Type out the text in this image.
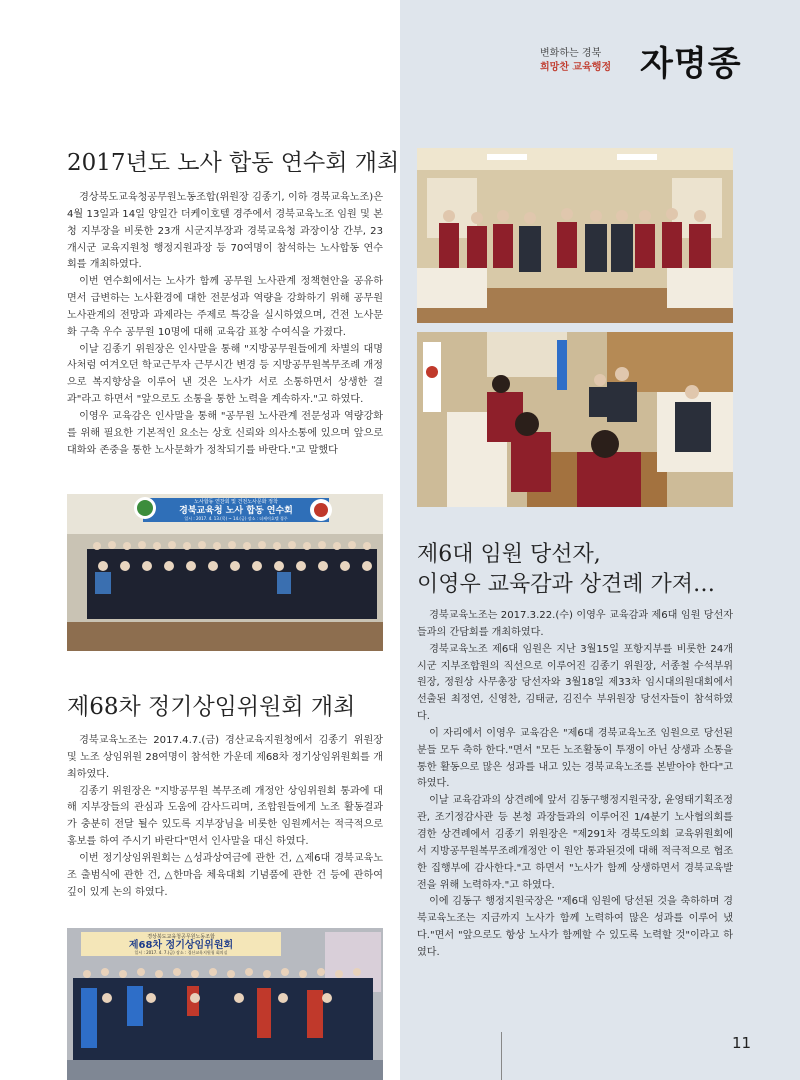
변화하는 경북
희망찬 교육행정 자명종
2017년도 노사 합동 연수회 개최

경상북도교육청공무원노동조합(위원장 김종기, 이하 경북교육노조)은 4월 13일과 14일 양일간 더케이호텔 경주에서 경북교육노조 임원 및 본청 지부장을 비롯한 23개 시군지부장과 경북교육청 과장이상 간부, 23개시군 교육지원청 행정지원과장 등 70여명이 참석하는 노사합동 연수회를 개최하였다.

이번 연수회에서는 노사가 함께 공무원 노사관계 정책현안을 공유하면서 급변하는 노사환경에 대한 전문성과 역량을 강화하기 위해 공무원 노사관계의 전망과 과제라는 주제로 특강을 실시하였으며, 건전 노사문화 구축 우수 공무원 10명에 대해 교육감 표창 수여식을 가졌다.

이날 김종기 위원장은 인사말을 통해 "지방공무원들에게 차별의 대명사처럼 여겨오던 학교근무자 근무시간 변경 등 지방공무원복무조례 개정으로 복지향상을 이루어 낸 것은 노사가 서로 소통하면서 상생한 결과"라고 하면서 "앞으로도 소통을 통한 노력을 계속하자."고 하였다.

이영우 교육감은 인사말을 통해 "공무원 노사관계 전문성과 역량강화를 위해 필요한 기본적인 요소는 상호 신뢰와 의사소통에 있으며 앞으로 대화와 존중을 통한 노사문화가 정착되기를 바란다."고 말했다

노사합동 연찬회 및 건전노사문화 정착
경북교육청 노사 합동 연수회
일시 : 2017. 4. 13.(목) ~ 14.(금) 장소 : 더케이호텔 경주
제68차 정기상임위원회 개최

경북교육노조는 2017.4.7.(금) 경산교육지원청에서 김종기 위원장 및 노조 상임위원 28여명이 참석한 가운데 제68차 정기상임위원회를 개최하였다.

김종기 위원장은 "지방공무원 복무조례 개정안 상임위원회 통과에 대해 지부장들의 관심과 도움에 감사드리며, 조합원들에게 노조 활동결과가 충분히 전달 될수 있도록 지부장님을 비롯한 임원께서는 적극적으로 홍보를 하여 주시기 바란다"면서 인사말을 대신 하였다.

이번 정기상임위원회는 △성과상여금에 관한 건, △제6대 경북교육노조 출범식에 관한 건, △한마음 체육대회 기념품에 관한 건 등에 관하여 깊이 있게 논의 하였다.

경상북도교육청공무원노동조합
제68차 정기상임위원회
일시 : 2017. 4. 7.(금) 장소 : 경산교육지원청 회의실
제6대 임원 당선자,
이영우 교육감과 상견례 가져…

경북교육노조는 2017.3.22.(수) 이영우 교육감과 제6대 임원 당선자들과의 간담회를 개최하였다.

경북교육노조 제6대 임원은 지난 3월15일 포항지부를 비롯한 24개 시군 지부조합원의 직선으로 이루어진 김종기 위원장, 서종철 수석부위원장, 정원상 사무총장 당선자와 3월18일 제33차 임시대의원대회에서 선출된 최정연, 신영찬, 김태균, 김진수 부위원장 당선자들이 참석하였다.

이 자리에서 이영우 교육감은 "제6대 경북교육노조 임원으로 당선된 분들 모두 축하 한다."면서 "모든 노조활동이 투쟁이 아닌 상생과 소통을 통한 활동으로 많은 성과를 내고 있는 경북교육노조를 본받아야 한다"고 하였다.

이날 교육감과의 상견례에 앞서 김동구행정지원국장, 윤영태기획조정관, 조기정감사관 등 본청 과장들과의 이루어진 1/4분기 노사협의회를 겸한 상견례에서 김종기 위원장은 "제291차 경북도의회 교육위원회에서 지방공무원복무조례개정안 이 원안 통과된것에 대해 적극적으로 협조한 집행부에 감사한다."고 하면서 "노사가 함께 상생하면서 경북교육발전을 위해 노력하자."고 하였다.

이에 김동구 행정지원국장은 "제6대 임원에 당선된 것을 축하하며 경북교육노조는 지금까지 노사가 함께 노력하여 많은 성과를 이루어 냈다."면서 "앞으로도 항상 노사가 함께할 수 있도록 노력할 것"이라고 하였다.

11
